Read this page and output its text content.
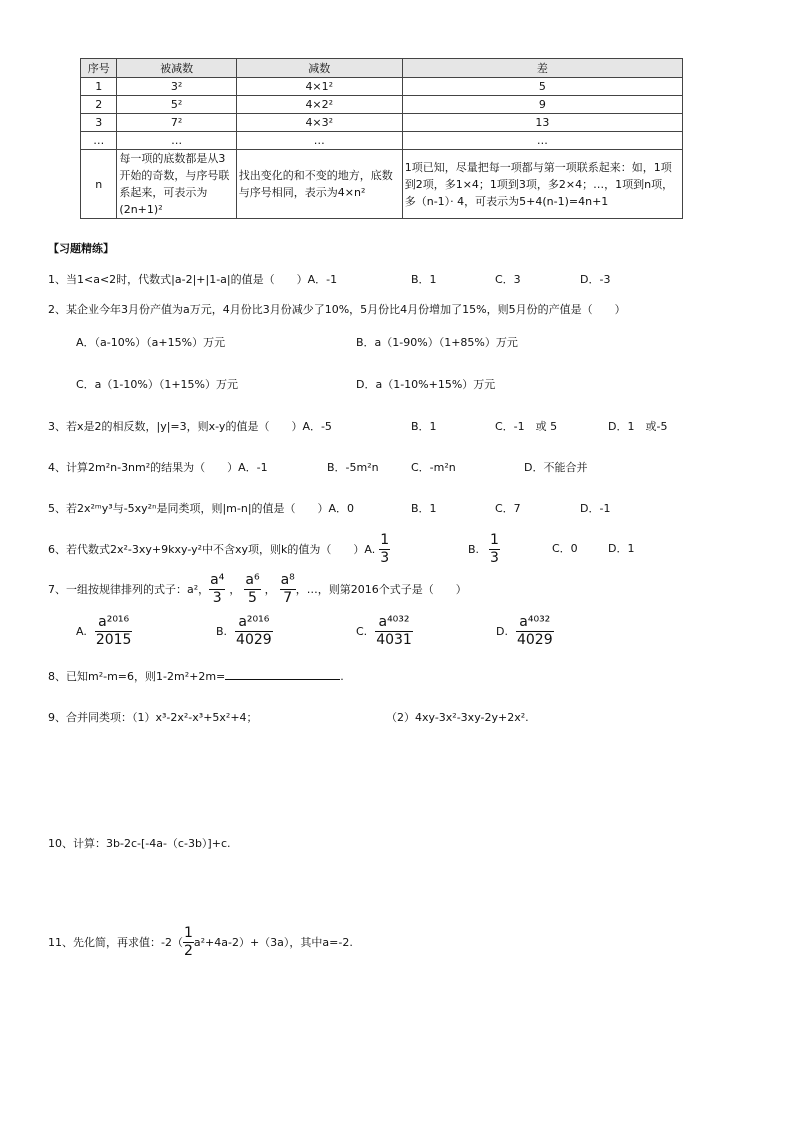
序号	被减数	减数	差
1	3²	4×1²	5
2	5²	4×2²	9
3	7²	4×3²	13
…	…	…	…
n	每一项的底数都是从3开始的奇数，与序号联系起来，可表示为 (2n+1)²	找出变化的和不变的地方，底数与序号相同，表示为4×n²	1项已知，尽量把每一项都与第一项联系起来：如，1项到2项，多1×4；1项到3项，多2×4；…，1项到n项，多（n-1）· 4，可表示为5+4(n-1)=4n+1
【习题精练】
1、当1<a<2时，代数式|a-2|+|1-a|的值是（　　）A．-1	B．1	C．3	D．-3
2、某企业今年3月份产值为a万元，4月份比3月份减少了10%，5月份比4月份增加了15%，则5月份的产值是（　　）
A．（a-10%）（a+15%）万元	B．a（1-90%）（1+85%）万元
C．a（1-10%）（1+15%）万元	D．a（1-10%+15%）万元
3、若x是2的相反数，|y|=3，则x-y的值是（　　）A．-5	B．1	C．-1　或 5	D．1　或-5
4、计算2m²n-3nm²的结果为（　　）A．-1	B．-5m²n	C．-m²n	D．不能合并
5、若2x²ᵐy³与-5xy²ⁿ是同类项，则|m-n|的值是（　　）A．0	B．1	C．7	D．-1
6、若代数式2x²-3xy+9kxy-y²中不含xy项，则k的值为（　　）A. $\frac{1}{3}$	B. $\frac{1}{3}$	C．0	D．1
7、一组按规律排列的式子：a²， $\frac{\text{a⁴}}{3}$ ， $\frac{\text{a⁶}}{5}$ ， $\frac{\text{a⁸}}{7}$ ，…，则第2016个式子是（　　）
A. $\frac{\text{a²⁰¹⁶}}{2015}$	B. $\frac{\text{a²⁰¹⁶}}{4029}$	C. $\frac{\text{a⁴⁰³²}}{4031}$	D. $\frac{\text{a⁴⁰³²}}{4029}$
8、已知m²-m=6，则1-2m²+2m=	.
9、合并同类项：（1）x³-2x²-x³+5x²+4；	（2）4xy-3x²-3xy-2y+2x².
10、计算：3b-2c-[-4a-（c-3b）]+c.
11、先化简，再求值：$-2( \frac{1}{2} a^2+4a-2)+(3a)$，其中a=-2.
